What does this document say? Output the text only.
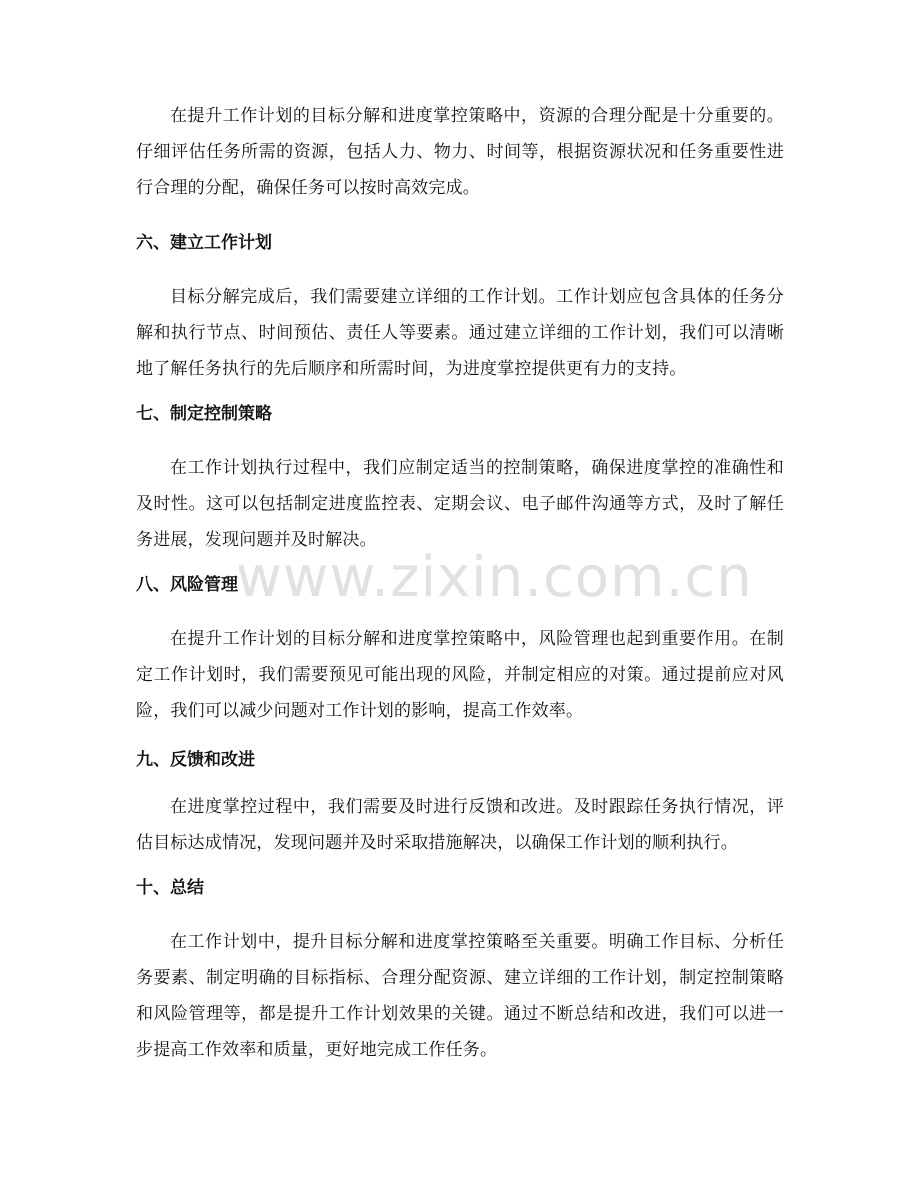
在提升工作计划的目标分解和进度掌控策略中，资源的合理分配是十分重要的。仔细评估任务所需的资源，包括人力、物力、时间等，根据资源状况和任务重要性进行合理的分配，确保任务可以按时高效完成。

六、建立工作计划

目标分解完成后，我们需要建立详细的工作计划。工作计划应包含具体的任务分解和执行节点、时间预估、责任人等要素。通过建立详细的工作计划，我们可以清晰地了解任务执行的先后顺序和所需时间，为进度掌控提供更有力的支持。

七、制定控制策略

在工作计划执行过程中，我们应制定适当的控制策略，确保进度掌控的准确性和及时性。这可以包括制定进度监控表、定期会议、电子邮件沟通等方式，及时了解任务进展，发现问题并及时解决。

八、风险管理

在提升工作计划的目标分解和进度掌控策略中，风险管理也起到重要作用。在制定工作计划时，我们需要预见可能出现的风险，并制定相应的对策。通过提前应对风险，我们可以减少问题对工作计划的影响，提高工作效率。

九、反馈和改进

在进度掌控过程中，我们需要及时进行反馈和改进。及时跟踪任务执行情况，评估目标达成情况，发现问题并及时采取措施解决，以确保工作计划的顺利执行。

十、总结

在工作计划中，提升目标分解和进度掌控策略至关重要。明确工作目标、分析任务要素、制定明确的目标指标、合理分配资源、建立详细的工作计划，制定控制策略和风险管理等，都是提升工作计划效果的关键。通过不断总结和改进，我们可以进一步提高工作效率和质量，更好地完成工作任务。

www.zixin.com.cn
